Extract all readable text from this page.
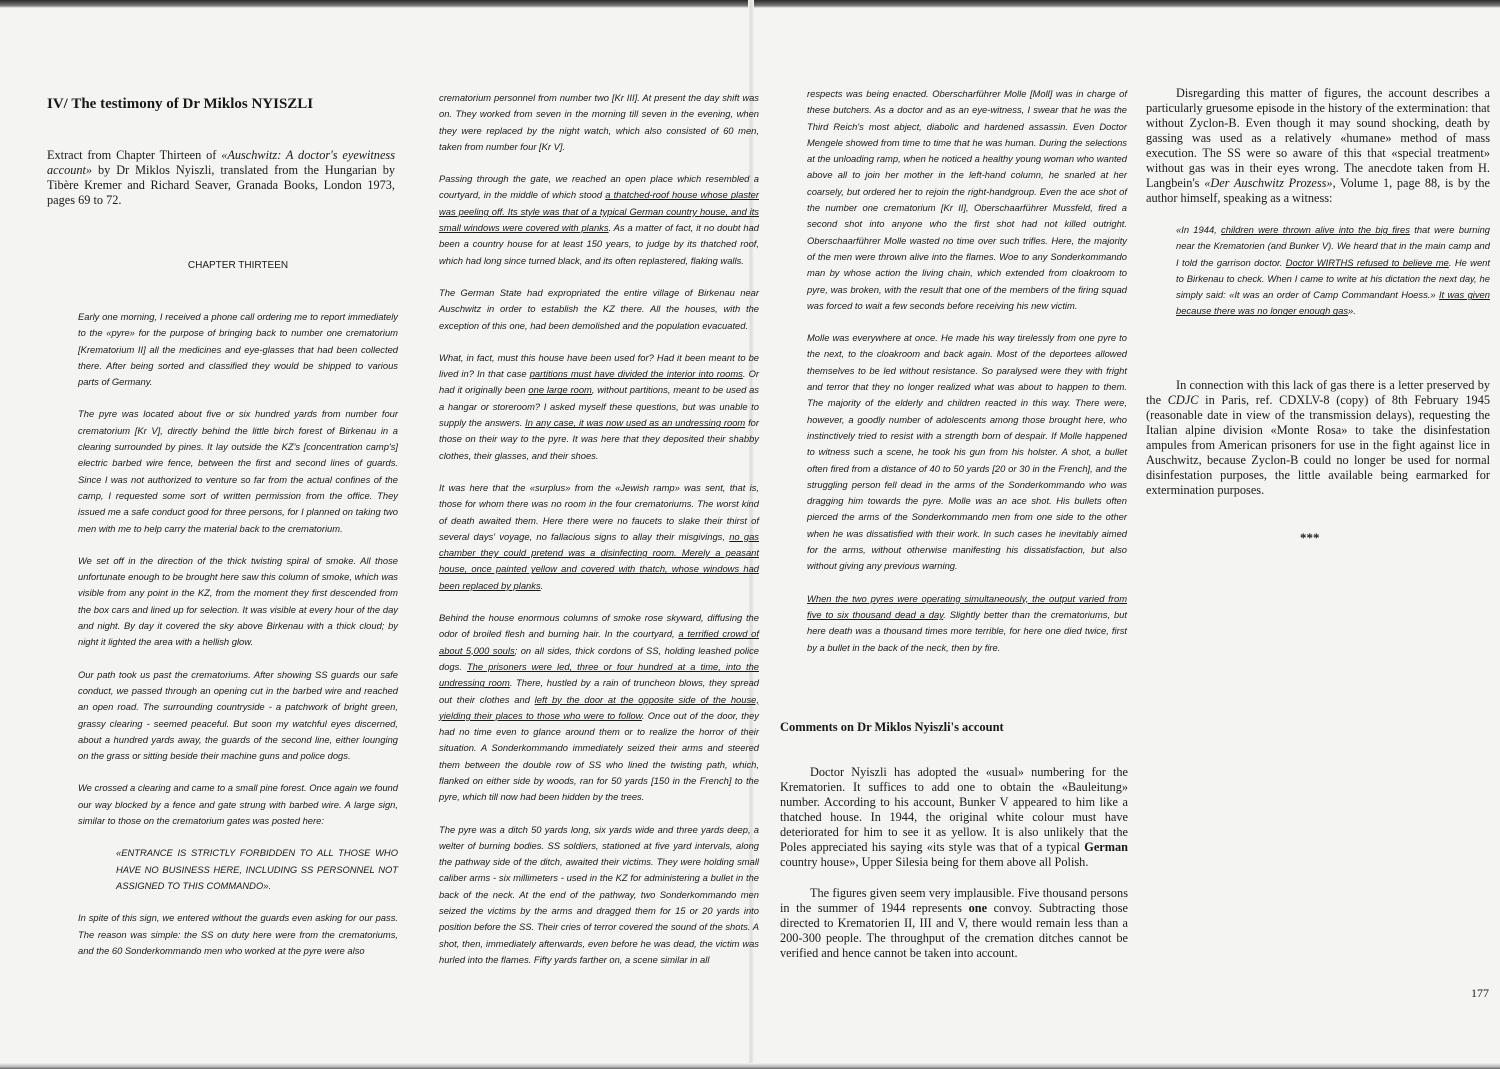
IV/ The testimony of Dr Miklos NYISZLI
Extract from Chapter Thirteen of «Auschwitz: A doctor's eyewitness account» by Dr Miklos Nyiszli, translated from the Hungarian by Tibère Kremer and Richard Seaver, Granada Books, London 1973, pages 69 to 72.

CHAPTER THIRTEEN

Early one morning, I received a phone call ordering me to report immediately to the «pyre» for the purpose of bringing back to number one crematorium [Krematorium II] all the medicines and eye-glasses that had been collected there. After being sorted and classified they would be shipped to various parts of Germany.

The pyre was located about five or six hundred yards from number four crematorium [Kr V], directly behind the little birch forest of Birkenau in a clearing surrounded by pines. It lay outside the KZ's [concentration camp's] electric barbed wire fence, between the first and second lines of guards. Since I was not authorized to venture so far from the actual confines of the camp, I requested some sort of written permission from the office. They issued me a safe conduct good for three persons, for I planned on taking two men with me to help carry the material back to the crematorium.

We set off in the direction of the thick twisting spiral of smoke. All those unfortunate enough to be brought here saw this column of smoke, which was visible from any point in the KZ, from the moment they first descended from the box cars and lined up for selection. It was visible at every hour of the day and night. By day it covered the sky above Birkenau with a thick cloud; by night it lighted the area with a hellish glow.

Our path took us past the crematoriums. After showing SS guards our safe conduct, we passed through an opening cut in the barbed wire and reached an open road. The surrounding countryside - a patchwork of bright green, grassy clearing - seemed peaceful. But soon my watchful eyes discerned, about a hundred yards away, the guards of the second line, either lounging on the grass or sitting beside their machine guns and police dogs.

We crossed a clearing and came to a small pine forest. Once again we found our way blocked by a fence and gate strung with barbed wire. A large sign, similar to those on the crematorium gates was posted here:

«ENTRANCE IS STRICTLY FORBIDDEN TO ALL THOSE WHO HAVE NO BUSINESS HERE, INCLUDING SS PERSONNEL NOT ASSIGNED TO THIS COMMANDO».

In spite of this sign, we entered without the guards even asking for our pass. The reason was simple: the SS on duty here were from the crematoriums, and the 60 Sonderkommando men who worked at the pyre were also

crematorium personnel from number two [Kr III]. At present the day shift was on. They worked from seven in the morning till seven in the evening, when they were replaced by the night watch, which also consisted of 60 men, taken from number four [Kr V].

Passing through the gate, we reached an open place which resembled a courtyard, in the middle of which stood a thatched-roof house whose plaster was peeling off. Its style was that of a typical German country house, and its small windows were covered with planks. As a matter of fact, it no doubt had been a country house for at least 150 years, to judge by its thatched roof, which had long since turned black, and its often replastered, flaking walls.

The German State had expropriated the entire village of Birkenau near Auschwitz in order to establish the KZ there. All the houses, with the exception of this one, had been demolished and the population evacuated.

What, in fact, must this house have been used for? Had it been meant to be lived in? In that case partitions must have divided the interior into rooms. Or had it originally been one large room, without partitions, meant to be used as a hangar or storeroom? I asked myself these questions, but was unable to supply the answers. In any case, it was now used as an undressing room for those on their way to the pyre. It was here that they deposited their shabby clothes, their glasses, and their shoes.

It was here that the «surplus» from the «Jewish ramp» was sent, that is, those for whom there was no room in the four crematoriums. The worst kind of death awaited them. Here there were no faucets to slake their thirst of several days' voyage, no fallacious signs to allay their misgivings, no gas chamber they could pretend was a disinfecting room. Merely a peasant house, once painted yellow and covered with thatch, whose windows had been replaced by planks.

Behind the house enormous columns of smoke rose skyward, diffusing the odor of broiled flesh and burning hair. In the courtyard, a terrified crowd of about 5,000 souls; on all sides, thick cordons of SS, holding leashed police dogs. The prisoners were led, three or four hundred at a time, into the undressing room. There, hustled by a rain of truncheon blows, they spread out their clothes and left by the door at the opposite side of the house, yielding their places to those who were to follow. Once out of the door, they had no time even to glance around them or to realize the horror of their situation. A Sonderkommando immediately seized their arms and steered them between the double row of SS who lined the twisting path, which, flanked on either side by woods, ran for 50 yards [150 in the French] to the pyre, which till now had been hidden by the trees.

The pyre was a ditch 50 yards long, six yards wide and three yards deep, a welter of burning bodies. SS soldiers, stationed at five yard intervals, along the pathway side of the ditch, awaited their victims. They were holding small caliber arms - six millimeters - used in the KZ for administering a bullet in the back of the neck. At the end of the pathway, two Sonderkommando men seized the victims by the arms and dragged them for 15 or 20 yards into position before the SS. Their cries of terror covered the sound of the shots. A shot, then, immediately afterwards, even before he was dead, the victim was hurled into the flames. Fifty yards farther on, a scene similar in all

respects was being enacted. Oberscharführer Molle [Moll] was in charge of these butchers. As a doctor and as an eye-witness, I swear that he was the Third Reich's most abject, diabolic and hardened assassin. Even Doctor Mengele showed from time to time that he was human. During the selections at the unloading ramp, when he noticed a healthy young woman who wanted above all to join her mother in the left-hand column, he snarled at her coarsely, but ordered her to rejoin the right-handgroup. Even the ace shot of the number one crematorium [Kr II], Oberschaarführer Mussfeld, fired a second shot into anyone who the first shot had not killed outright. Oberschaarführer Molle wasted no time over such trifles. Here, the majority of the men were thrown alive into the flames. Woe to any Sonderkommando man by whose action the living chain, which extended from cloakroom to pyre, was broken, with the result that one of the members of the firing squad was forced to wait a few seconds before receiving his new victim.

Molle was everywhere at once. He made his way tirelessly from one pyre to the next, to the cloakroom and back again. Most of the deportees allowed themselves to be led without resistance. So paralysed were they with fright and terror that they no longer realized what was about to happen to them. The majority of the elderly and children reacted in this way. There were, however, a goodly number of adolescents among those brought here, who instinctively tried to resist with a strength born of despair. If Molle happened to witness such a scene, he took his gun from his holster. A shot, a bullet often fired from a distance of 40 to 50 yards [20 or 30 in the French], and the struggling person fell dead in the arms of the Sonderkommando who was dragging him towards the pyre. Molle was an ace shot. His bullets often pierced the arms of the Sonderkommando men from one side to the other when he was dissatisfied with their work. In such cases he inevitably aimed for the arms, without otherwise manifesting his dissatisfaction, but also without giving any previous warning.

When the two pyres were operating simultaneously, the output varied from five to six thousand dead a day. Slightly better than the crematoriums, but here death was a thousand times more terrible, for here one died twice, first by a bullet in the back of the neck, then by fire.

Comments on Dr Miklos Nyiszli's account

Doctor Nyiszli has adopted the «usual» numbering for the Krematorien. It suffices to add one to obtain the «Bauleitung» number. According to his account, Bunker V appeared to him like a thatched house. In 1944, the original white colour must have deteriorated for him to see it as yellow. It is also unlikely that the Poles appreciated his saying «its style was that of a typical German country house», Upper Silesia being for them above all Polish.

The figures given seem very implausible. Five thousand persons in the summer of 1944 represents one convoy. Subtracting those directed to Krematorien II, III and V, there would remain less than a 200-300 people. The throughput of the cremation ditches cannot be verified and hence cannot be taken into account.

Disregarding this matter of figures, the account describes a particularly gruesome episode in the history of the extermination: that without Zyclon-B. Even though it may sound shocking, death by gassing was used as a relatively «humane» method of mass execution. The SS were so aware of this that «special treatment» without gas was in their eyes wrong. The anecdote taken from H. Langbein's «Der Auschwitz Prozess», Volume 1, page 88, is by the author himself, speaking as a witness:

«In 1944, children were thrown alive into the big fires that were burning near the Krematorien (and Bunker V). We heard that in the main camp and I told the garrison doctor. Doctor WIRTHS refused to believe me. He went to Birkenau to check. When I came to write at his dictation the next day, he simply said: «It was an order of Camp Commandant Hoess.» It was given because there was no longer enough gas».

In connection with this lack of gas there is a letter preserved by the CDJC in Paris, ref. CDXLV-8 (copy) of 8th February 1945 (reasonable date in view of the transmission delays), requesting the Italian alpine division «Monte Rosa» to take the disinfestation ampules from American prisoners for use in the fight against lice in Auschwitz, because Zyclon-B could no longer be used for normal disinfestation purposes, the little available being earmarked for extermination purposes.

***
177
